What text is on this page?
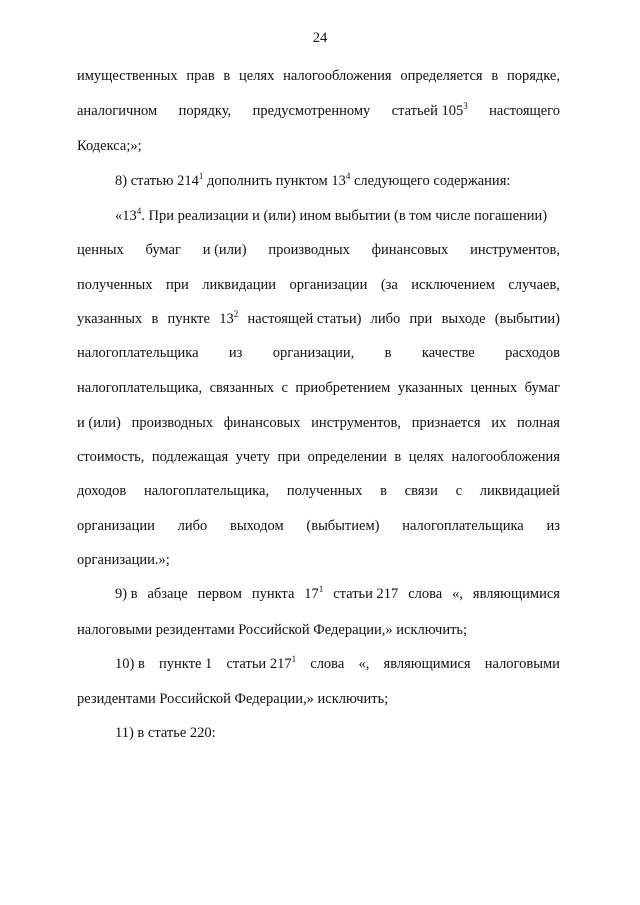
24
имущественных прав в целях налогообложения определяется в порядке,
аналогичном порядку, предусмотренному статьей $105^3$ настоящего
Кодекса;»;
8) статью $214^1$ дополнить пунктом $13^4$ следующего содержания:
«$13^4$. При реализации и (или) ином выбытии (в том числе погашении)
ценных бумаг и (или) производных финансовых инструментов,
полученных при ликвидации организации (за исключением случаев,
указанных в пункте $13^2$ настоящей статьи) либо при выходе (выбытии)
налогоплательщика из организации, в качестве расходов
налогоплательщика, связанных с приобретением указанных ценных бумаг
и (или) производных финансовых инструментов, признается их полная
стоимость, подлежащая учету при определении в целях налогообложения
доходов налогоплательщика, полученных в связи с ликвидацией
организации либо выходом (выбытием) налогоплательщика из
организации.»;
9) в абзаце первом пункта $17^1$ статьи 217 слова «, являющимися
налоговыми резидентами Российской Федерации,» исключить;
10) в пункте 1 статьи $217^1$ слова «, являющимися налоговыми
резидентами Российской Федерации,» исключить;
11) в статье 220:
